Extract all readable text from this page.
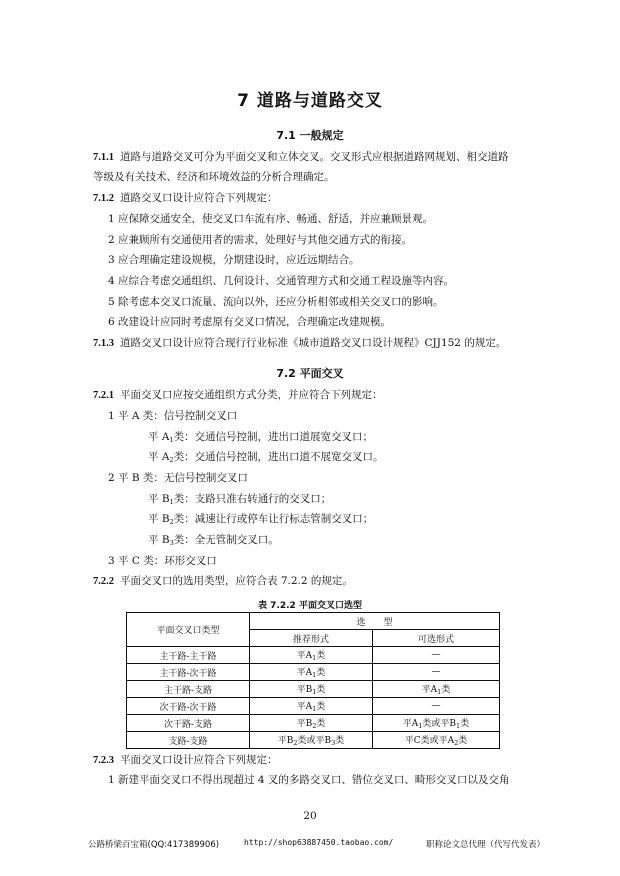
7 道路与道路交叉
7.1 一般规定
7.1.1 道路与道路交叉可分为平面交叉和立体交叉。交叉形式应根据道路网规划、相交道路
等级及有关技术、经济和环境效益的分析合理确定。
7.1.2 道路交叉口设计应符合下列规定：
1 应保障交通安全，使交叉口车流有序、畅通、舒适，并应兼顾景观。
2 应兼顾所有交通使用者的需求，处理好与其他交通方式的衔接。
3 应合理确定建设规模，分期建设时，应近远期结合。
4 应综合考虑交通组织、几何设计、交通管理方式和交通工程设施等内容。
5 除考虑本交叉口流量、流向以外，还应分析相邻或相关交叉口的影响。
6 改建设计应同时考虑原有交叉口情况，合理确定改建规模。
7.1.3 道路交叉口设计应符合现行行业标准《城市道路交叉口设计规程》CJJ152 的规定。
7.2 平面交叉
7.2.1 平面交叉口应按交通组织方式分类，并应符合下列规定：
1 平 A 类：信号控制交叉口
平 $A_1$类：交通信号控制，进出口道展宽交叉口；
平 $A_2$类：交通信号控制，进出口道不展宽交叉口。
2 平 B 类：无信号控制交叉口
平 $B_1$类：支路只准右转通行的交叉口；
平 $B_2$类：减速让行或停车让行标志管制交叉口；
平 $B_3$类：全无管制交叉口。
3 平 C 类：环形交叉口
7.2.2 平面交叉口的选用类型，应符合表 7.2.2 的规定。
表 7.2.2 平面交叉口选型
平面交叉口类型	选　　型	
	推荐形式	可选形式
主干路-主干路	平$A_1$类	—
主干路-次干路	平$A_1$类	—
主干路-支路	平$B_1$类	平$A_1$类
次干路-次干路	平$A_1$类	—
次干路-支路	平$B_2$类	平$A_1$类或平$B_1$类
支路-支路	平$B_2$类或平$B_3$类	平C类或平$A_2$类
7.2.3 平面交叉口设计应符合下列规定：
1 新建平面交叉口不得出现超过 4 叉的多路交叉口、错位交叉口、畸形交叉口以及交角
20
公路桥梁百宝箱(QQ:417389906)	http://shop63887450.taobao.com/	职称论文总代理（代写代发表）
